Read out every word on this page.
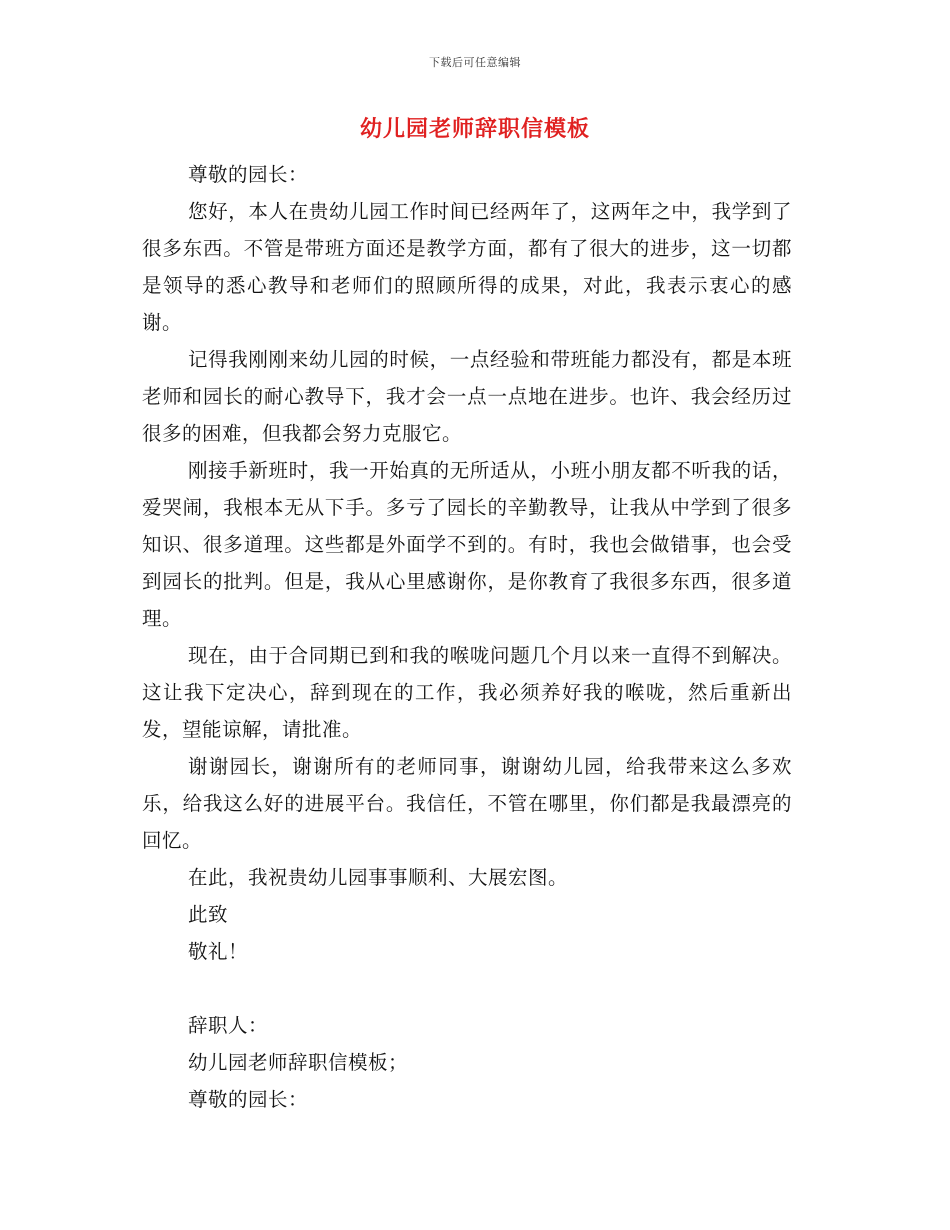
下载后可任意编辑
幼儿园老师辞职信模板

尊敬的园长：

您好，本人在贵幼儿园工作时间已经两年了，这两年之中，我学到了很多东西。不管是带班方面还是教学方面，都有了很大的进步，这一切都是领导的悉心教导和老师们的照顾所得的成果，对此，我表示衷心的感谢。

记得我刚刚来幼儿园的时候，一点经验和带班能力都没有，都是本班老师和园长的耐心教导下，我才会一点一点地在进步。也许、我会经历过很多的困难，但我都会努力克服它。

刚接手新班时，我一开始真的无所适从，小班小朋友都不听我的话，爱哭闹，我根本无从下手。多亏了园长的辛勤教导，让我从中学到了很多知识、很多道理。这些都是外面学不到的。有时，我也会做错事，也会受到园长的批判。但是，我从心里感谢你，是你教育了我很多东西，很多道理。

现在，由于合同期已到和我的喉咙问题几个月以来一直得不到解决。这让我下定决心，辞到现在的工作，我必须养好我的喉咙，然后重新出发，望能谅解，请批准。

谢谢园长，谢谢所有的老师同事，谢谢幼儿园，给我带来这么多欢乐，给我这么好的进展平台。我信任，不管在哪里，你们都是我最漂亮的回忆。

在此，我祝贵幼儿园事事顺利、大展宏图。

此致

敬礼！

辞职人：

幼儿园老师辞职信模板；

尊敬的园长：
